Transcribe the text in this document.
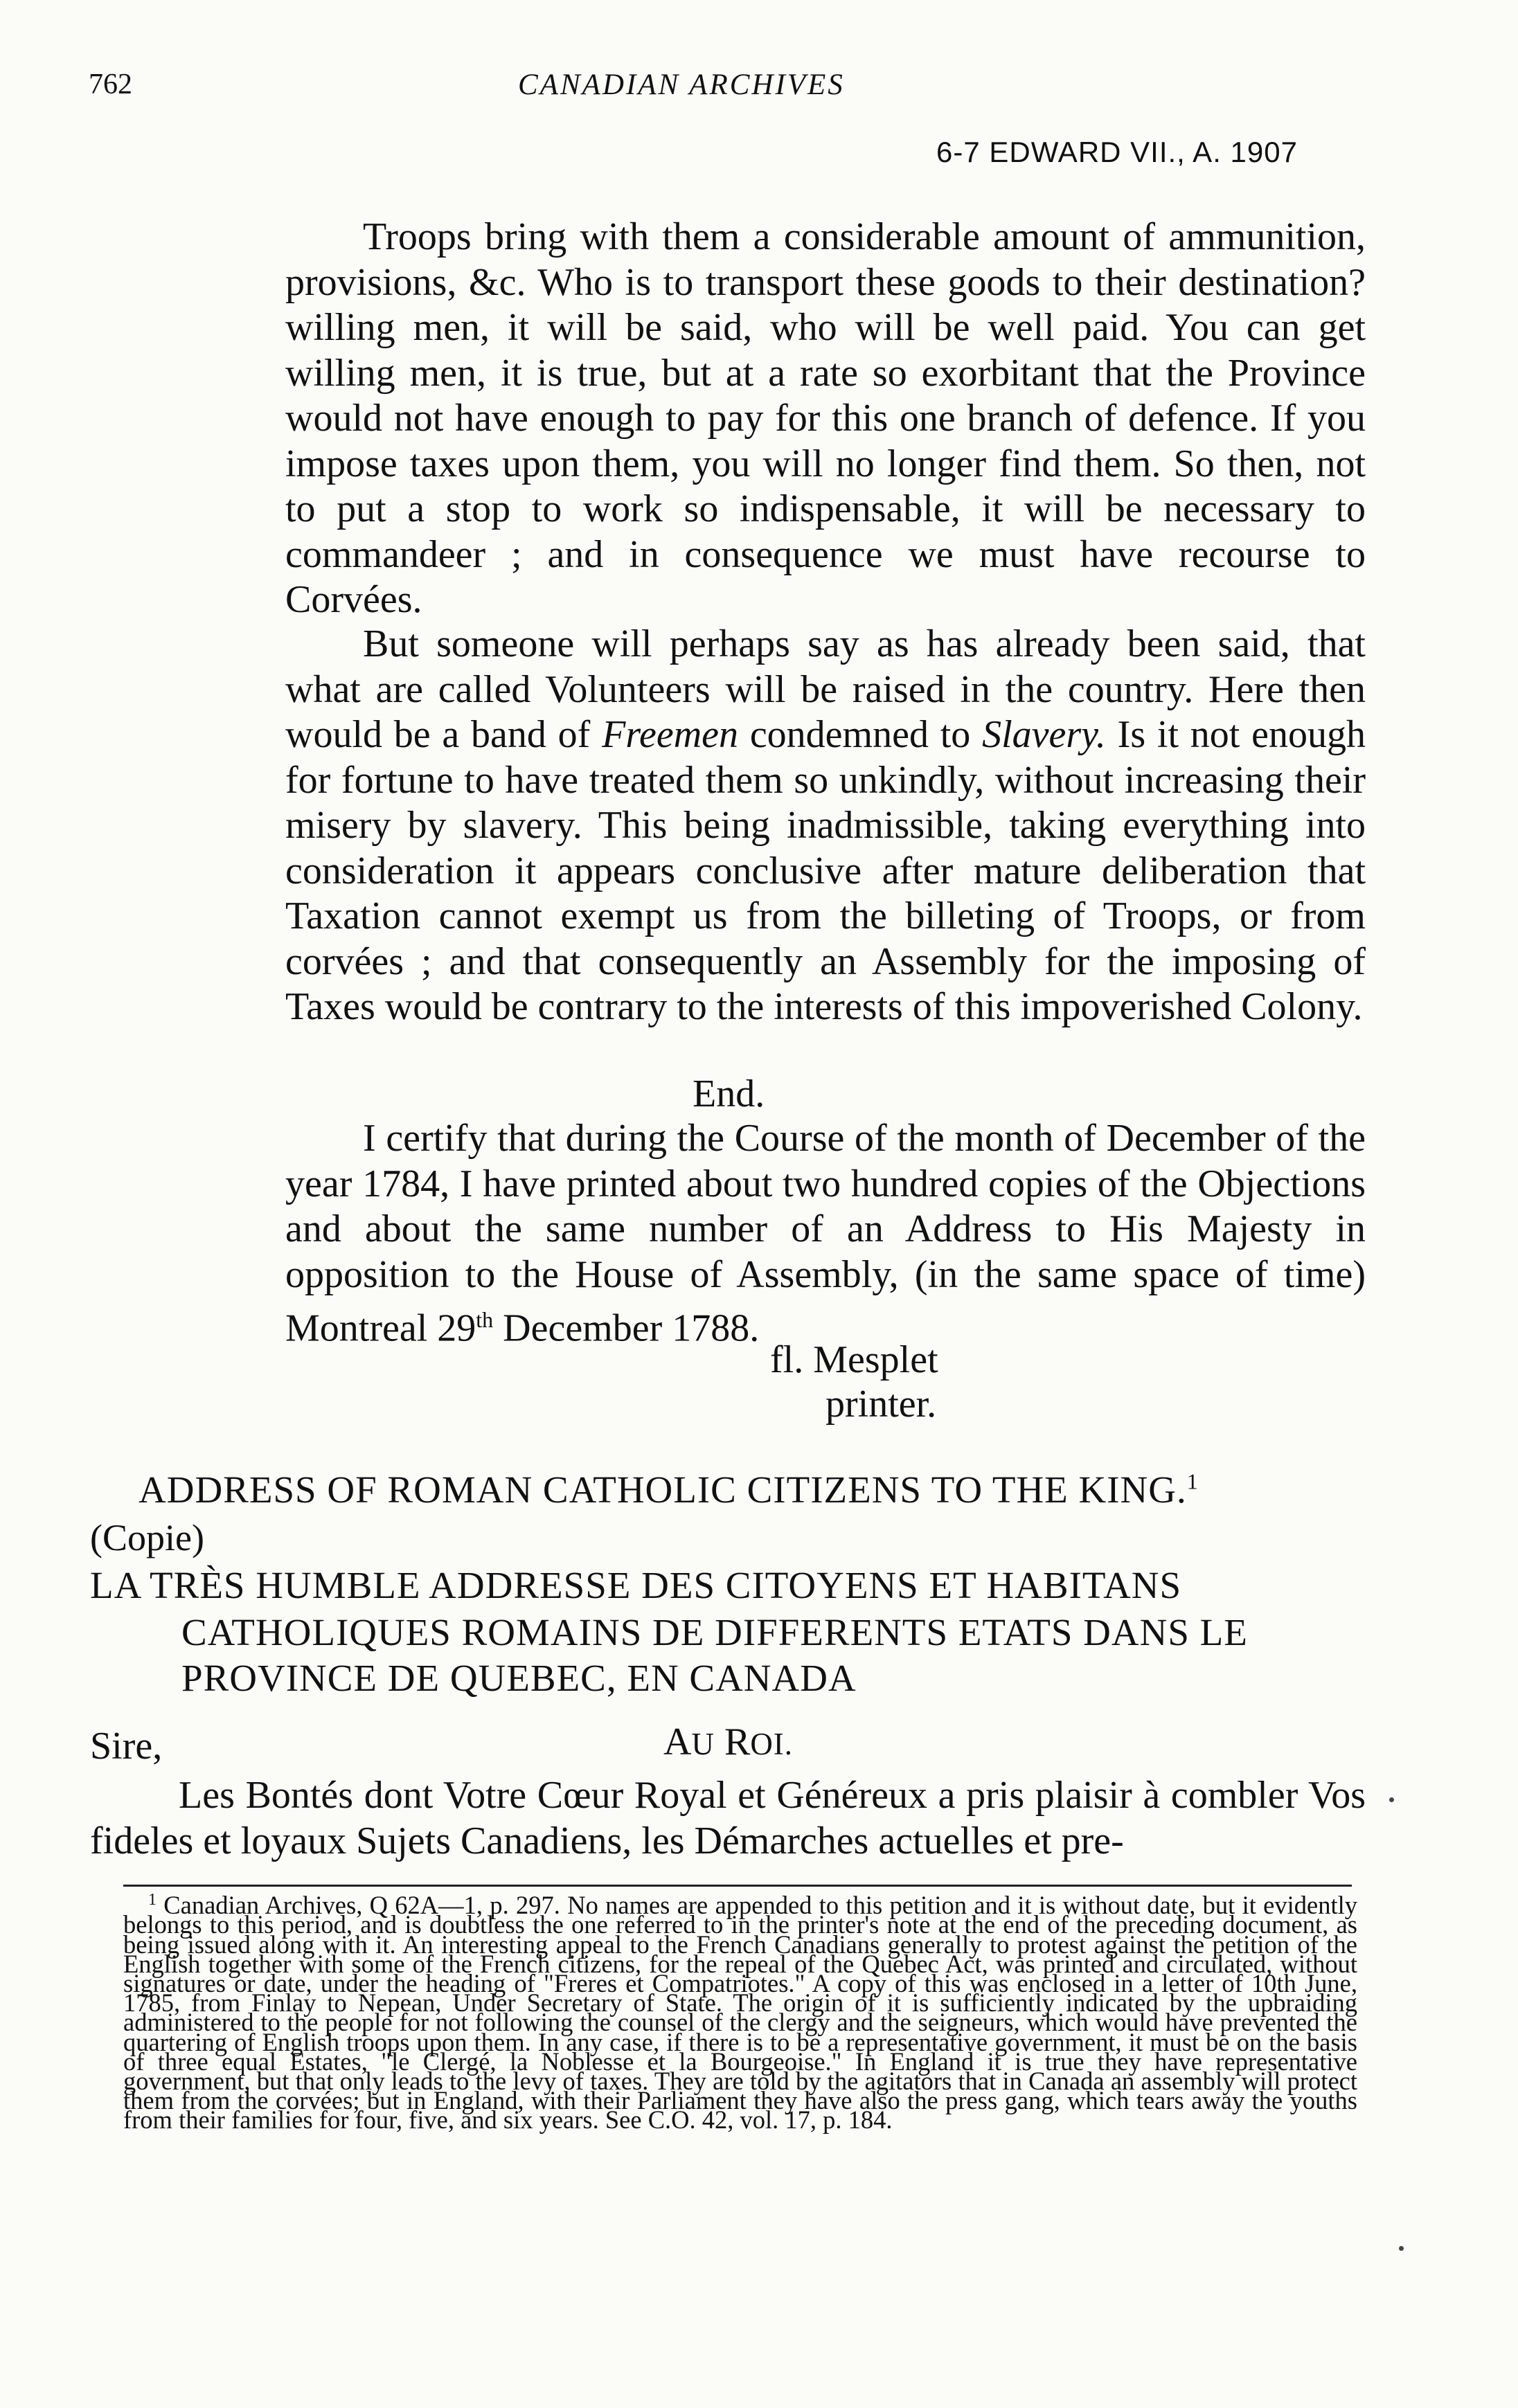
762	CANADIAN ARCHIVES
6-7 EDWARD VII., A. 1907

Troops bring with them a considerable amount of ammunition, provisions, &c. Who is to transport these goods to their destination? willing men, it will be said, who will be well paid. You can get willing men, it is true, but at a rate so exorbitant that the Province would not have enough to pay for this one branch of defence. If you impose taxes upon them, you will no longer find them. So then, not to put a stop to work so indispensable, it will be necessary to commandeer ; and in consequence we must have recourse to Corvées.

But someone will perhaps say as has already been said, that what are called Volunteers will be raised in the country. Here then would be a band of Freemen condemned to Slavery. Is it not enough for fortune to have treated them so unkindly, without increasing their misery by slavery. This being inadmissible, taking everything into consideration it appears conclusive after mature deliberation that Taxation cannot exempt us from the billeting of Troops, or from corvées ; and that consequently an Assembly for the imposing of Taxes would be contrary to the interests of this impoverished Colony.

End.

I certify that during the Course of the month of December of the year 1784, I have printed about two hundred copies of the Objections and about the same number of an Address to His Majesty in opposition to the House of Assembly, (in the same space of time) Montreal 29th December 1788.

fl. Mesplet
printer.
ADDRESS OF ROMAN CATHOLIC CITIZENS TO THE KING.$^1$
(Copie)
LA TRÈS HUMBLE ADDRESSE DES CITOYENS ET HABITANS
CATHOLIQUES ROMAINS DE DIFFERENTS ETATS DANS LE
PROVINCE DE QUEBEC, EN CANADA
Sire,	AU ROI.

Les Bontés dont Votre Cœur Royal et Généreux a pris plaisir à combler Vos fideles et loyaux Sujets Canadiens, les Démarches actuelles et pre-

$^1$ Canadian Archives, Q 62A—1, p. 297. No names are appended to this petition and it is without date, but it evidently belongs to this period, and is doubtless the one referred to in the printer's note at the end of the preceding document, as being issued along with it. An interesting appeal to the French Canadians generally to protest against the petition of the English together with some of the French citizens, for the repeal of the Quebec Act, was printed and circulated, without signatures or date, under the heading of "Freres et Compatriotes." A copy of this was enclosed in a letter of 10th June, 1785, from Finlay to Nepean, Under Secretary of State. The origin of it is sufficiently indicated by the upbraiding administered to the people for not following the counsel of the clergy and the seigneurs, which would have prevented the quartering of English troops upon them. In any case, if there is to be a representative government, it must be on the basis of three equal Estates, "le Clergé, la Noblesse et la Bourgeoise." In England it is true they have representative government, but that only leads to the levy of taxes. They are told by the agitators that in Canada an assembly will protect them from the corvées; but in England, with their Parliament they have also the press gang, which tears away the youths from their families for four, five, and six years. See C.O. 42, vol. 17, p. 184.
